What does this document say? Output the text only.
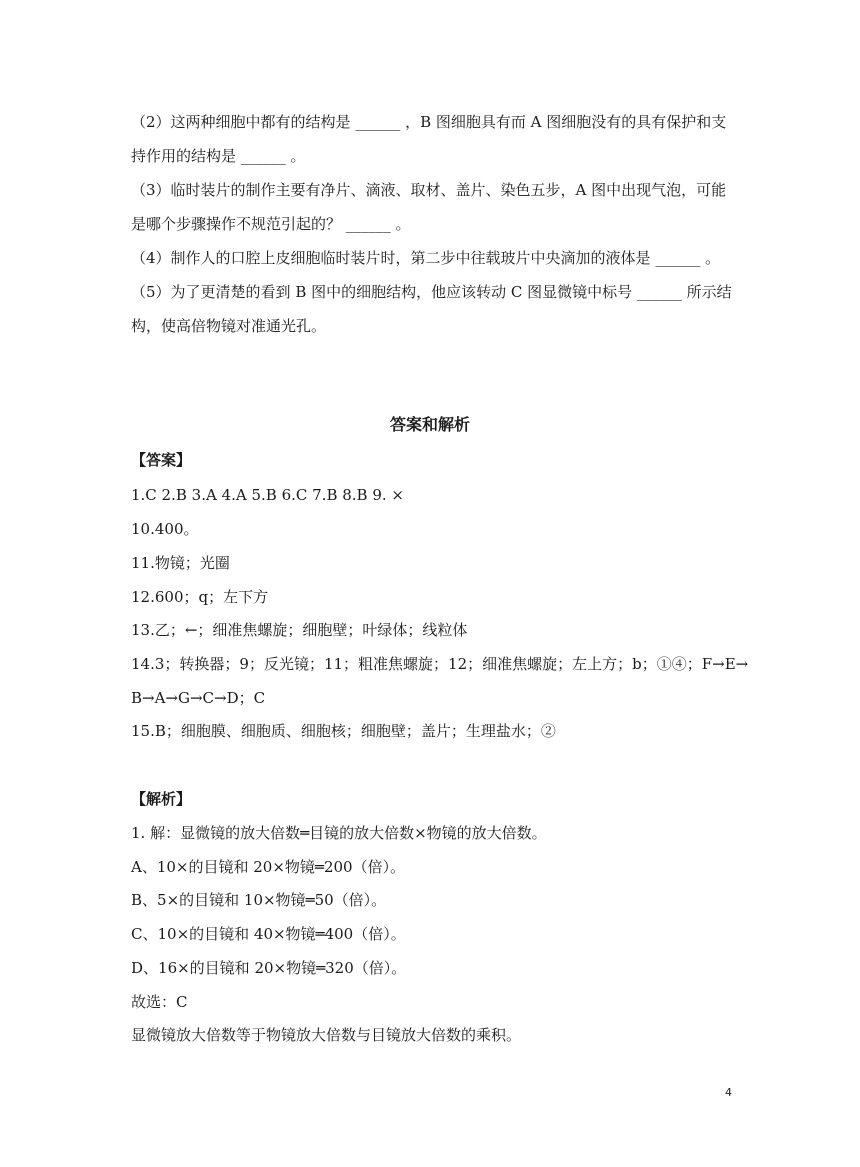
（2）这两种细胞中都有的结构是 ______ ，B 图细胞具有而 A 图细胞没有的具有保护和支
持作用的结构是 ______ 。
（3）临时装片的制作主要有净片、滴液、取材、盖片、染色五步，A 图中出现气泡，可能
是哪个步骤操作不规范引起的？ ______ 。
（4）制作人的口腔上皮细胞临时装片时，第二步中往载玻片中央滴加的液体是 ______ 。
（5）为了更清楚的看到 B 图中的细胞结构，他应该转动 C 图显微镜中标号 ______ 所示结
构，使高倍物镜对准通光孔。
答案和解析
【答案】
1.C 2.B 3.A 4.A 5.B 6.C 7.B 8.B 9. ×
10.400。
11.物镜；光圈
12.600；q；左下方
13.乙；←；细准焦螺旋；细胞壁；叶绿体；线粒体
14.3；转换器；9；反光镜；11；粗准焦螺旋；12；细准焦螺旋；左上方；b；①④；F→E→
B→A→G→C→D；C
15.B；细胞膜、细胞质、细胞核；细胞壁；盖片；生理盐水；②
【解析】
1. 解：显微镜的放大倍数═目镜的放大倍数×物镜的放大倍数。
A、10×的目镜和 20×物镜═200（倍）。
B、5×的目镜和 10×物镜═50（倍）。
C、10×的目镜和 40×物镜═400（倍）。
D、16×的目镜和 20×物镜═320（倍）。
故选：C
显微镜放大倍数等于物镜放大倍数与目镜放大倍数的乘积。
4
